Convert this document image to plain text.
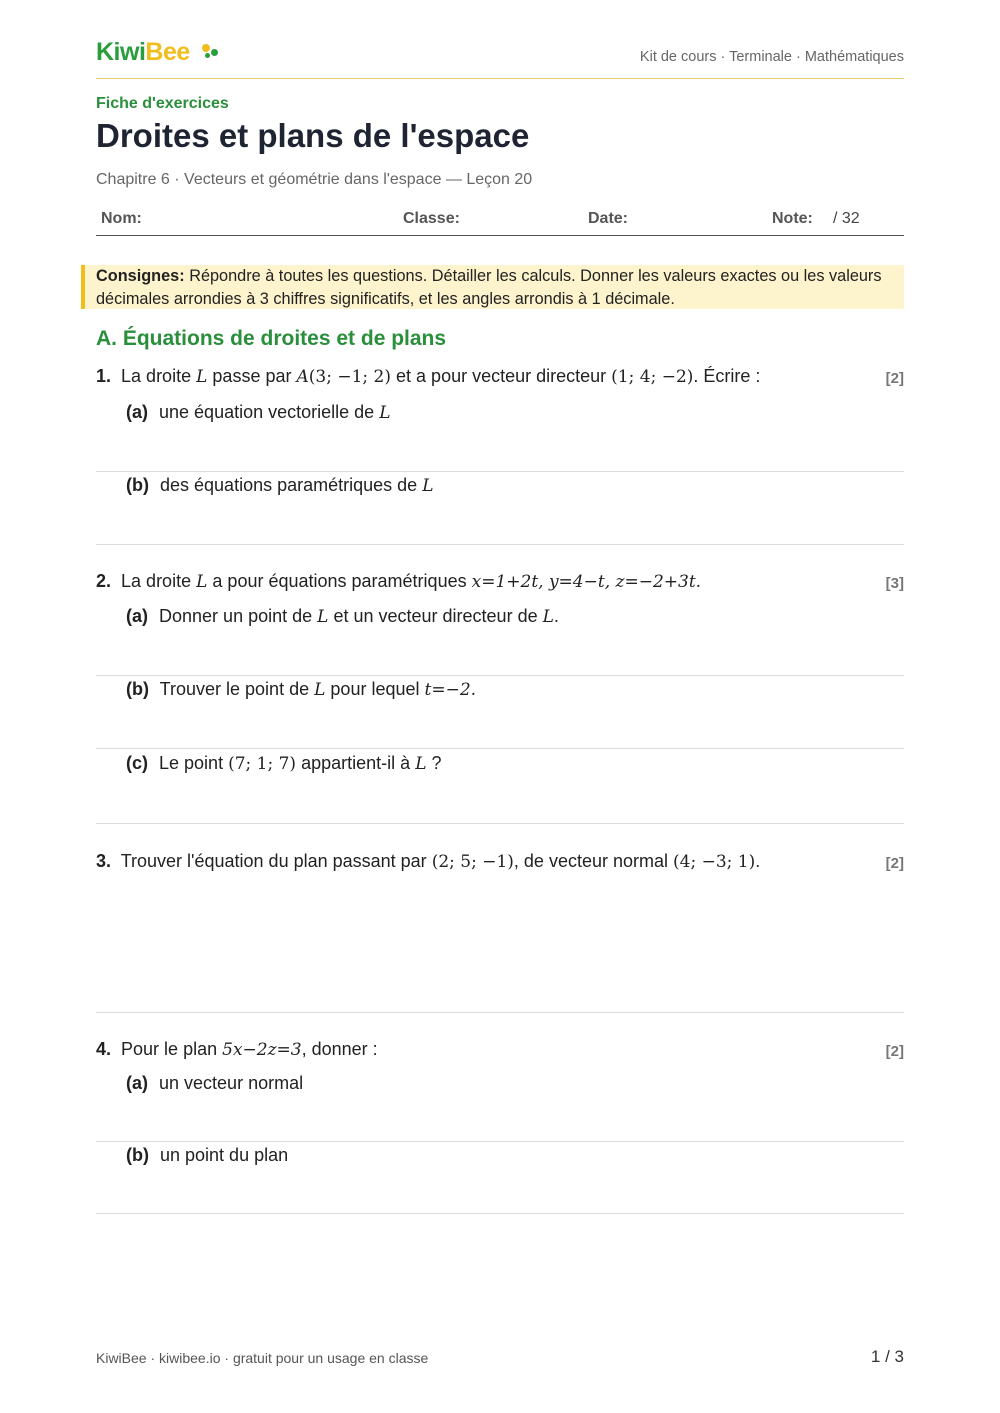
KiwiBee	Kit de cours · Terminale · Mathématiques
Fiche d'exercices
Droites et plans de l'espace
Chapitre 6 · Vecteurs et géométrie dans l'espace — Leçon 20
Nom:	Classe:	Date:	Note: / 32
Consignes: Répondre à toutes les questions. Détailler les calculs. Donner les valeurs exactes ou les valeurs décimales arrondies à 3 chiffres significatifs, et les angles arrondis à 1 décimale.
A. Équations de droites et de plans
1. La droite L passe par A(3; −1; 2) et a pour vecteur directeur (1; 4; −2). Écrire :	[2]
(a) une équation vectorielle de L
(b) des équations paramétriques de L
2. La droite L a pour équations paramétriques x=1+2t, y=4−t, z=−2+3t.	[3]
(a) Donner un point de L et un vecteur directeur de L.
(b) Trouver le point de L pour lequel t=−2.
(c) Le point (7; 1; 7) appartient-il à L ?
3. Trouver l'équation du plan passant par (2; 5; −1), de vecteur normal (4; −3; 1).	[2]
4. Pour le plan 5x−2z=3, donner :	[2]
(a) un vecteur normal
(b) un point du plan
KiwiBee · kiwibee.io · gratuit pour un usage en classe	1 / 3
